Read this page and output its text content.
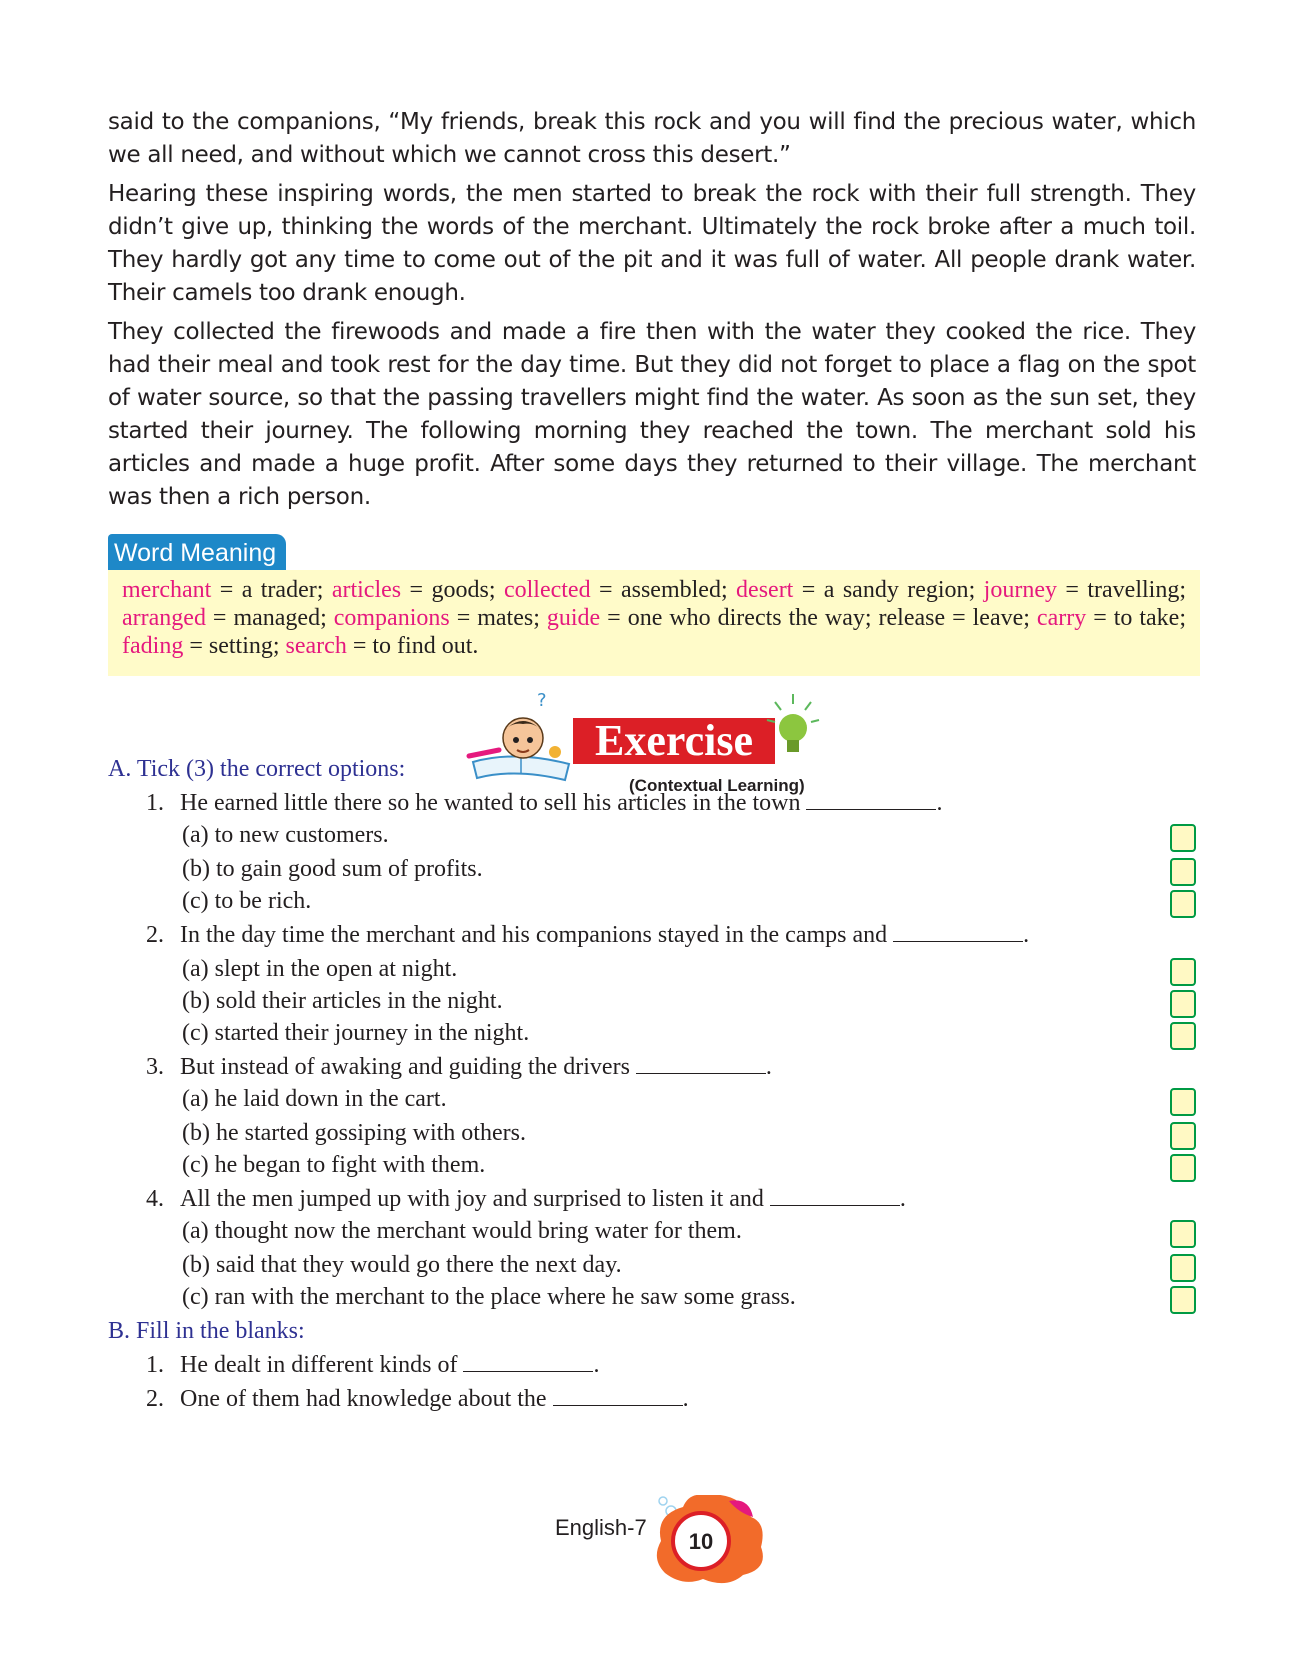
said to the companions, “My friends, break this rock and you will find the precious water, which we all need, and without which we cannot cross this desert.”

Hearing these inspiring words, the men started to break the rock with their full strength. They didn’t give up, thinking the words of the merchant. Ultimately the rock broke after a much toil. They hardly got any time to come out of the pit and it was full of water. All people drank water. Their camels too drank enough.

They collected the firewoods and made a fire then with the water they cooked the rice. They had their meal and took rest for the day time. But they did not forget to place a flag on the spot of water source, so that the passing travellers might find the water. As soon as the sun set, they started their journey. The following morning they reached the town. The merchant sold his articles and made a huge profit. After some days they returned to their village. The merchant was then a rich person.

Word Meaning
merchant = a trader; articles = goods; collected = assembled; desert = a sandy region; journey = travelling; arranged = managed; companions = mates; guide = one who directs the way; release = leave; carry = to take; fading = setting; search = to find out.
?
Exercise
(Contextual Learning)
A. Tick (3) the correct options:
1. He earned little there so he wanted to sell his articles in the town	.
(a) to new customers.
(b) to gain good sum of profits.
(c) to be rich.
2. In the day time the merchant and his companions stayed in the camps and	.
(a) slept in the open at night.
(b) sold their articles in the night.
(c) started their journey in the night.
3. But instead of awaking and guiding the drivers	.
(a) he laid down in the cart.
(b) he started gossiping with others.
(c) he began to fight with them.
4. All the men jumped up with joy and surprised to listen it and	.
(a) thought now the merchant would bring water for them.
(b) said that they would go there the next day.
(c) ran with the merchant to the place where he saw some grass.
B. Fill in the blanks:
1. He dealt in different kinds of	.
2. One of them had knowledge about the	.
English-7
10
